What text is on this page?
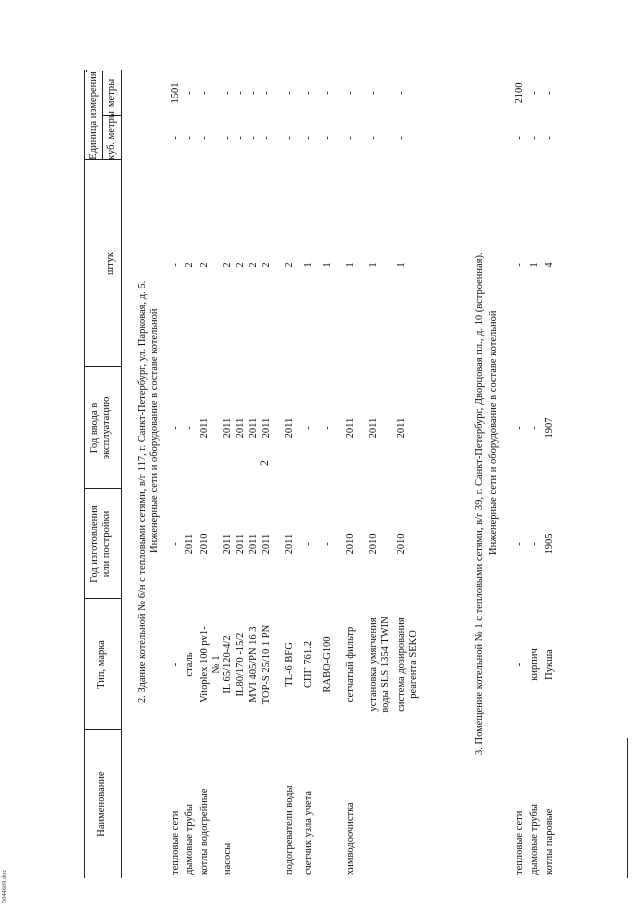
2
Наименование
Тип, марка
Год изготовления или постройки
Год ввода в эксплуатацию
штук
Единица измерения куб. метры
метры
2. Здание котельной № 6/н с тепловыми сетями, в/г 117, г. Санкт-Петербург, ул. Парковая, д. 5. Инженерные сети и оборудование в составе котельной
тепловые сети
-
-
-
-
-
1501
дымовые трубы
сталь
2011
-
2
-
-
котлы водогрейные
Vitoplex 100 pv1-
2010
2011
2
-
-
№ 1
насосы
IL 65/120-4/2
2011
2011
2
-
-
IL80/170 -15/2
2011
2011
2
-
-
MVI 405/PN 16 3
2011
2011
2
-
-
TOP-S 25/10 1 PN
2011
2011
2
-
-
подогреватели воды
TL-6 BFG
2011
2011
2
-
-
счетчик узла учета
СПГ 761.2
-
-
1
-
-
RABO-G100
-
-
1
-
-
химводоочистка
сетчатый фильтр
2010
2011
1
-
-
установка умягчения
2010
2011
1
-
-
воды SLS 1354 TWIN система дозирования
2010
2011
1
-
-
реагента SEKO	3. Помещение котельной № 1 с тепловыми сетями, в/г 39, г. Санкт-Петербург, Дворцовая пл., д. 10 (встроенная). Инженерные сети и оборудование в составе котельной
тепловые сети
-
-
-
-
-
2100
дымовые трубы
кирпич
-
-
1
-
-
котлы паровые
Пукша
1905
1907
4
-
-
5044669.doc
